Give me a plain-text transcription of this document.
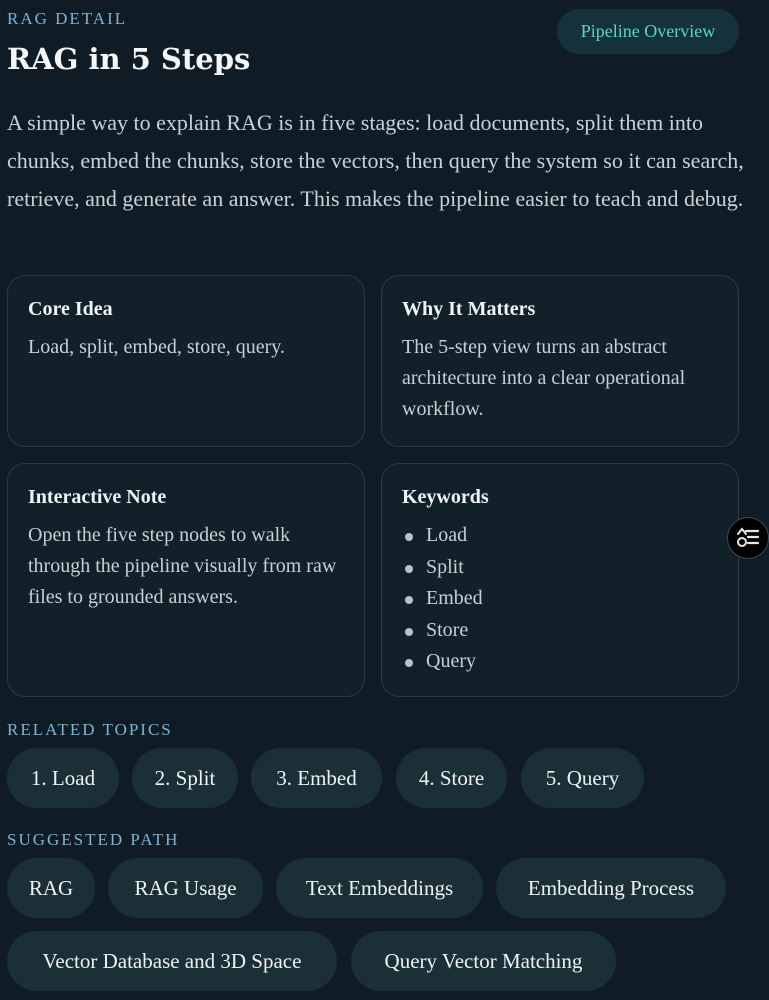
RAG DETAIL
RAG in 5 Steps
Pipeline Overview

A simple way to explain RAG is in five stages: load documents, split them into chunks, embed the chunks, store the vectors, then query the system so it can search, retrieve, and generate an answer. This makes the pipeline easier to teach and debug.

Core Idea

Load, split, embed, store, query.

Why It Matters

The 5-step view turns an abstract architecture into a clear operational workflow.

Interactive Note

Open the five step nodes to walk through the pipeline visually from raw files to grounded answers.

Keywords
Load
Split
Embed
Store
Query
RELATED TOPICS
1. Load	2. Split	3. Embed	4. Store	5. Query
SUGGESTED PATH
RAG	RAG Usage	Text Embeddings	Embedding Process
Vector Database and 3D Space	Query Vector Matching
